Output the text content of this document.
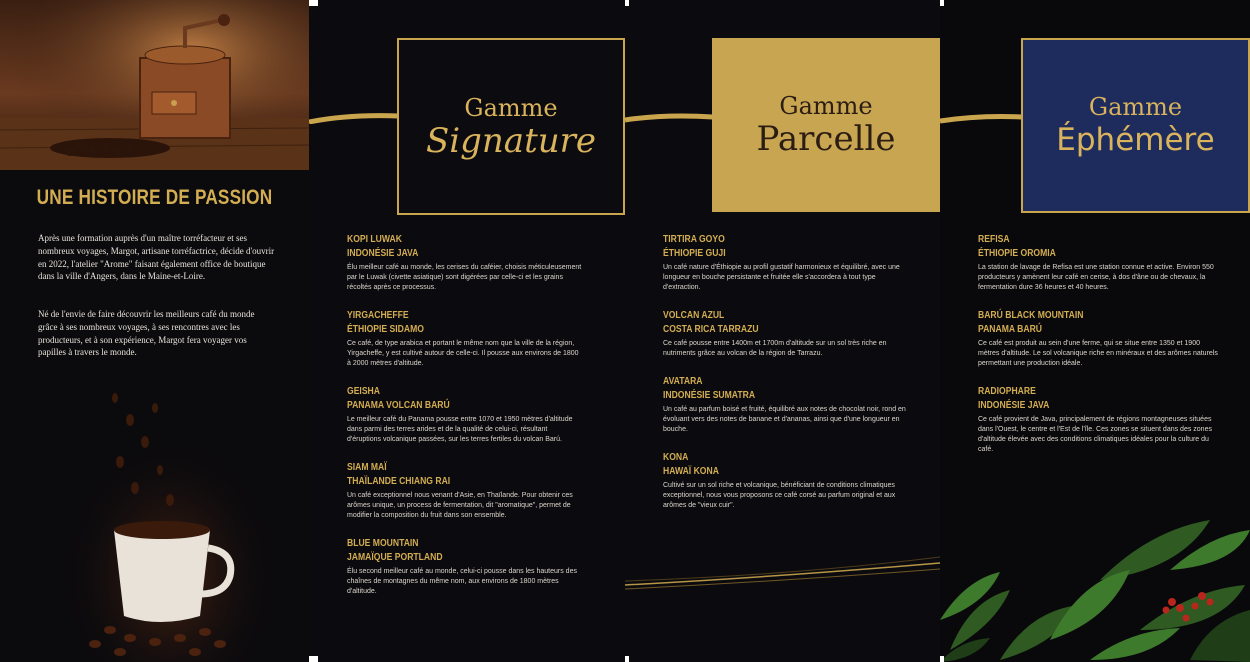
UNE HISTOIRE DE PASSION

Après une formation auprès d'un maître torréfacteur et ses nombreux voyages, Margot, artisane torréfactrice, décide d'ouvrir en 2022, l'atelier "Arome" faisant également office de boutique dans la ville d'Angers, dans le Maine-et-Loire.

Né de l'envie de faire découvrir les meilleurs café du monde grâce à ses nombreux voyages, à ses rencontres avec les producteurs, et à son expérience, Margot fera voyager vos papilles à travers le monde.

Gamme
Signature
KOPI LUWAK
INDONÉSIE JAVA
Élu meilleur café au monde, les cerises du caféier, choisis méticuleusement par le Luwak (civette asiatique) sont digérées par celle-ci et les grains récoltés après ce processus.
YIRGACHEFFE
ÉTHIOPIE SIDAMO
Ce café, de type arabica et portant le même nom que la ville de la région, Yirgacheffe, y est cultivé autour de celle-ci. Il pousse aux environs de 1800 à 2000 mètres d'altitude.
GEISHA
PANAMA VOLCAN BARÚ
Le meilleur café du Panama pousse entre 1070 et 1950 mètres d'altitude dans parmi des terres arides et de la qualité de celui-ci, résultant d'éruptions volcanique passées, sur les terres fertiles du volcan Barú.
SIAM MAÏ
THAÏLANDE CHIANG RAI
Un café exceptionnel nous venant d'Asie, en Thaïlande. Pour obtenir ces arômes unique, un process de fermentation, dit "aromatique", permet de modifier la composition du fruit dans son ensemble.
BLUE MOUNTAIN
JAMAÏQUE PORTLAND
Élu second meilleur café au monde, celui-ci pousse dans les hauteurs des chaînes de montagnes du même nom, aux environs de 1800 mètres d'altitude.
Gamme
Parcelle
TIRTIRA GOYO
ÉTHIOPIE GUJI
Un café nature d'Éthiopie au profil gustatif harmonieux et équilibré, avec une longueur en bouche persistante et fruitée elle s'accordera à tout type d'extraction.
VOLCAN AZUL
COSTA RICA TARRAZU
Ce café pousse entre 1400m et 1700m d'altitude sur un sol très riche en nutriments grâce au volcan de la région de Tarrazu.
AVATARA
INDONÉSIE SUMATRA
Un café au parfum boisé et fruité, équilibré aux notes de chocolat noir, rond en évoluant vers des notes de banane et d'ananas, ainsi que d'une longueur en bouche.
KONA
HAWAÏ KONA
Cultivé sur un sol riche et volcanique, bénéficiant de conditions climatiques exceptionnel, nous vous proposons ce café corsé au parfum original et aux arômes de "vieux cuir".
Gamme
Éphémère
REFISA
ÉTHIOPIE OROMIA
La station de lavage de Refisa est une station connue et active. Environ 550 producteurs y amènent leur café en cerise, à dos d'âne ou de chevaux, la fermentation dure 36 heures et 40 heures.
BARÚ BLACK MOUNTAIN
PANAMA BARÚ
Ce café est produit au sein d'une ferme, qui se situe entre 1350 et 1900 mètres d'altitude. Le sol volcanique riche en minéraux et des arômes naturels permettant une production idéale.
RADIOPHARE
INDONÉSIE JAVA
Ce café provient de Java, principalement de régions montagneuses situées dans l'Ouest, le centre et l'Est de l'île. Ces zones se situent dans des zones d'altitude élevée avec des conditions climatiques idéales pour la culture du café.
